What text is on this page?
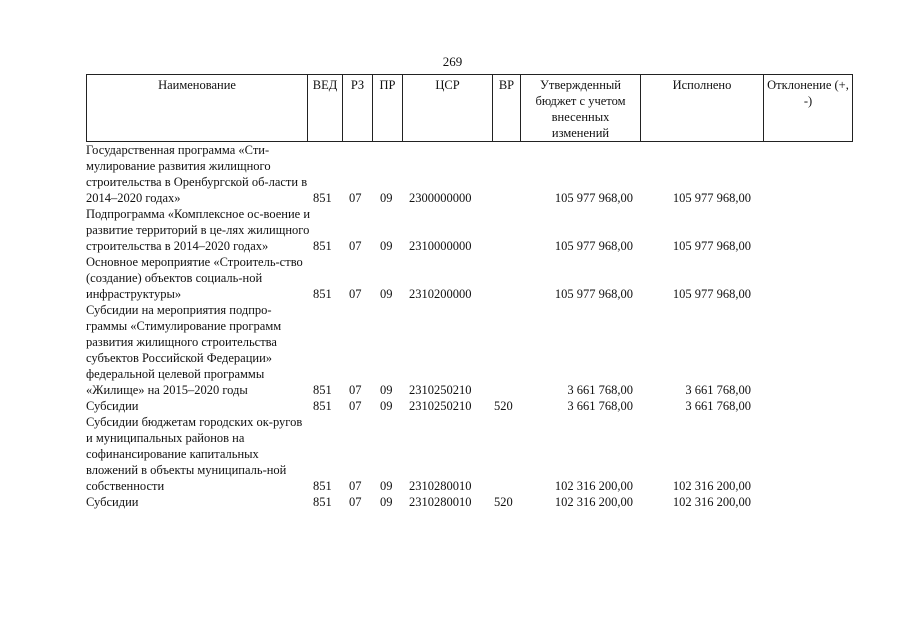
269
Наименование	ВЕД	РЗ	ПР	ЦСР	ВР	Утвержденный бюджет с учетом внесенных изменений	Исполнено	Отклонение (+, -)
Государственная программа «Сти-мулирование развития жилищного строительства в Оренбургской об-ласти в 2014–2020 годах»	851 07 09 2300000000	105 977 968,00	105 977 968,00
Подпрограмма «Комплексное ос-воение и развитие территорий в це-лях жилищного строительства в 2014–2020 годах»	851 07 09 2310000000	105 977 968,00	105 977 968,00
Основное мероприятие «Строитель-ство (создание) объектов социаль-ной инфраструктуры»	851 07 09 2310200000	105 977 968,00	105 977 968,00
Субсидии на мероприятия подпро-граммы «Стимулирование программ развития жилищного строительства субъектов Российской Федерации» федеральной целевой программы «Жилище» на 2015–2020 годы	851 07 09 2310250210	3 661 768,00	3 661 768,00
Субсидии	851 07 09 2310250210 520	3 661 768,00	3 661 768,00
Субсидии бюджетам городских ок-ругов и муниципальных районов на софинансирование капитальных вложений в объекты муниципаль-ной собственности	851 07 09 2310280010	102 316 200,00	102 316 200,00
Субсидии	851 07 09 2310280010 520	102 316 200,00	102 316 200,00
